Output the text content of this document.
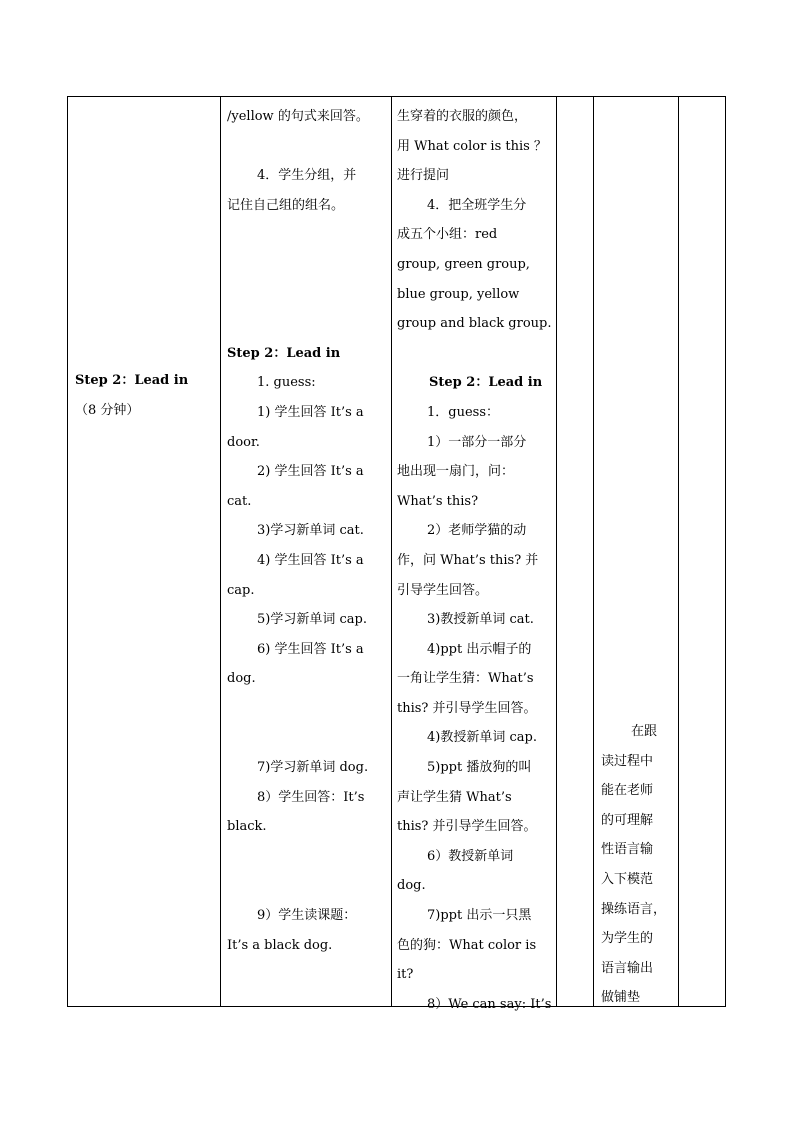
Step 2：Lead in
（8 分钟）
/yellow 的句式来回答。
4．学生分组，并
记住自己组的组名。
Step 2：Lead in
1. guess:
1) 学生回答 It’s a
door.
2) 学生回答 It’s a
cat.
3)学习新单词 cat.
4) 学生回答 It’s a
cap.
5)学习新单词 cap.
6) 学生回答 It’s a
dog.
7)学习新单词 dog.
8）学生回答：It’s
black.
9）学生读课题：
It’s a black dog.
生穿着的衣服的颜色，
用 What color is this ？
进行提问
4．把全班学生分
成五个小组：red
group, green group,
blue group, yellow
group and black group.
Step 2：Lead in
1．guess：
1）一部分一部分
地出现一扇门，问：
What’s this?
2）老师学猫的动
作，问 What’s this? 并
引导学生回答。
3)教授新单词 cat.
4)ppt 出示帽子的
一角让学生猜：What’s
this? 并引导学生回答。
4)教授新单词 cap.
5)ppt 播放狗的叫
声让学生猜 What’s
this? 并引导学生回答。
6）教授新单词
dog.
7)ppt 出示一只黑
色的狗：What color is
it?
8）We can say: It’s
在跟
读过程中
能在老师
的可理解
性语言输
入下模范
操练语言，
为学生的
语言输出
做铺垫
